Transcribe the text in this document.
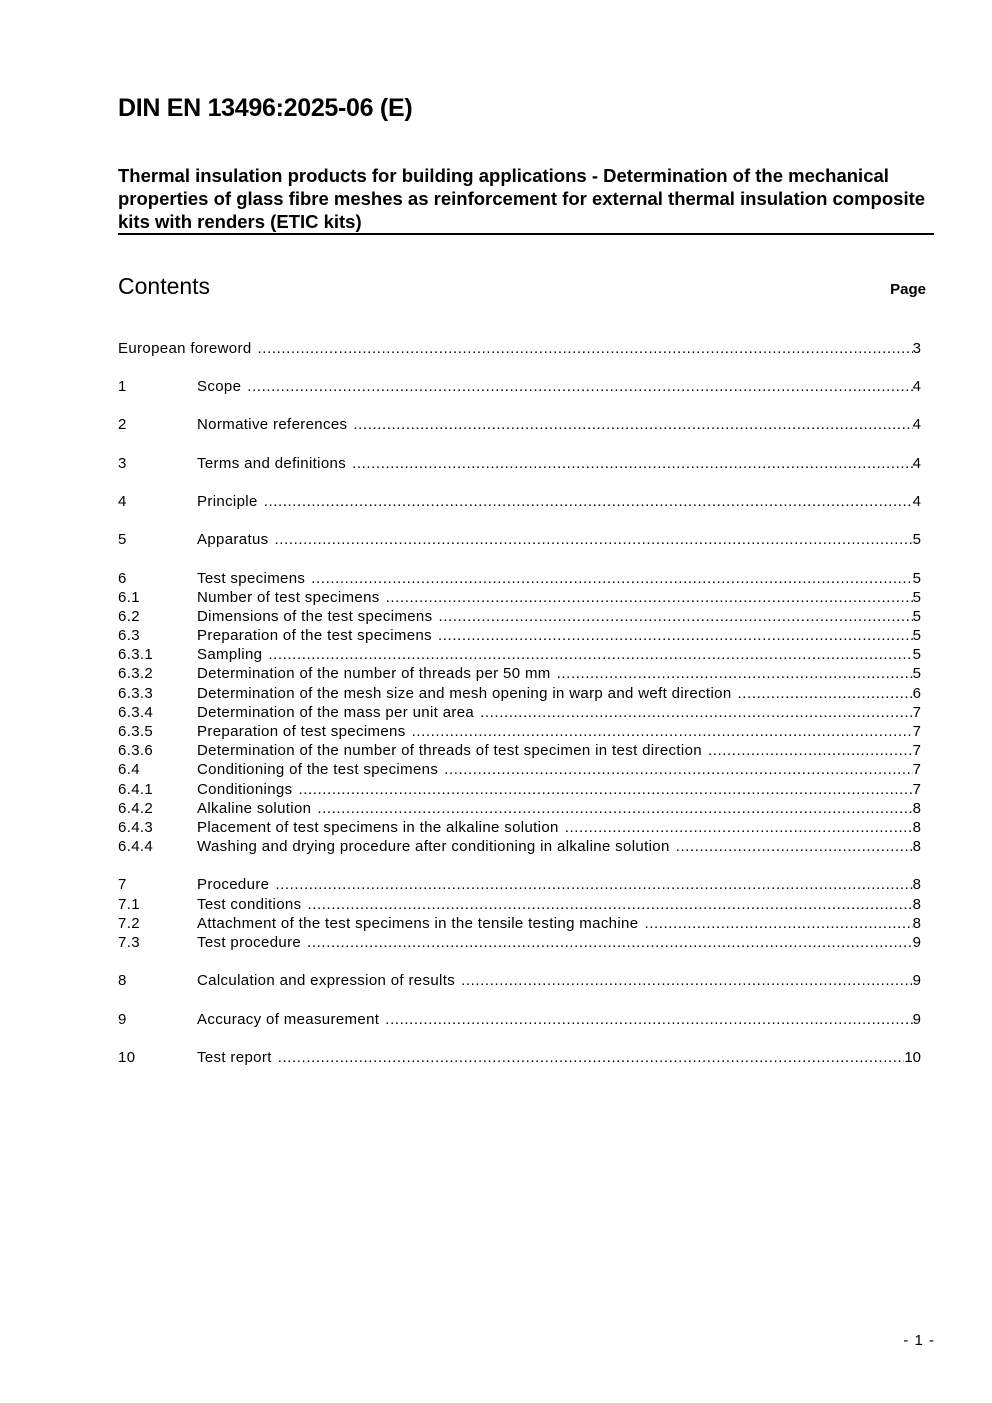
DIN EN 13496:2025-06 (E)
Thermal insulation products for building applications - Determination of the mechanical properties of glass fibre meshes as reinforcement for external thermal insulation composite kits with renders (ETIC kits)
Contents	Page
European foreword .....	3
1	Scope .....	4
2	Normative references .....	4
3	Terms and definitions .....	4
4	Principle .....	4
5	Apparatus .....	5
6	Test specimens .....	5
6.1	Number of test specimens .....	5
6.2	Dimensions of the test specimens .....	5
6.3	Preparation of the test specimens .....	5
6.3.1	Sampling .....	5
6.3.2	Determination of the number of threads per 50 mm .....	5
6.3.3	Determination of the mesh size and mesh opening in warp and weft direction .....	6
6.3.4	Determination of the mass per unit area .....	7
6.3.5	Preparation of test specimens .....	7
6.3.6	Determination of the number of threads of test specimen in test direction .....	7
6.4	Conditioning of the test specimens .....	7
6.4.1	Conditionings .....	7
6.4.2	Alkaline solution .....	8
6.4.3	Placement of test specimens in the alkaline solution .....	8
6.4.4	Washing and drying procedure after conditioning in alkaline solution .....	8
7	Procedure .....	8
7.1	Test conditions .....	8
7.2	Attachment of the test specimens in the tensile testing machine .....	8
7.3	Test procedure .....	9
8	Calculation and expression of results .....	9
9	Accuracy of measurement .....	9
10	Test report .....	10
- 1 -
